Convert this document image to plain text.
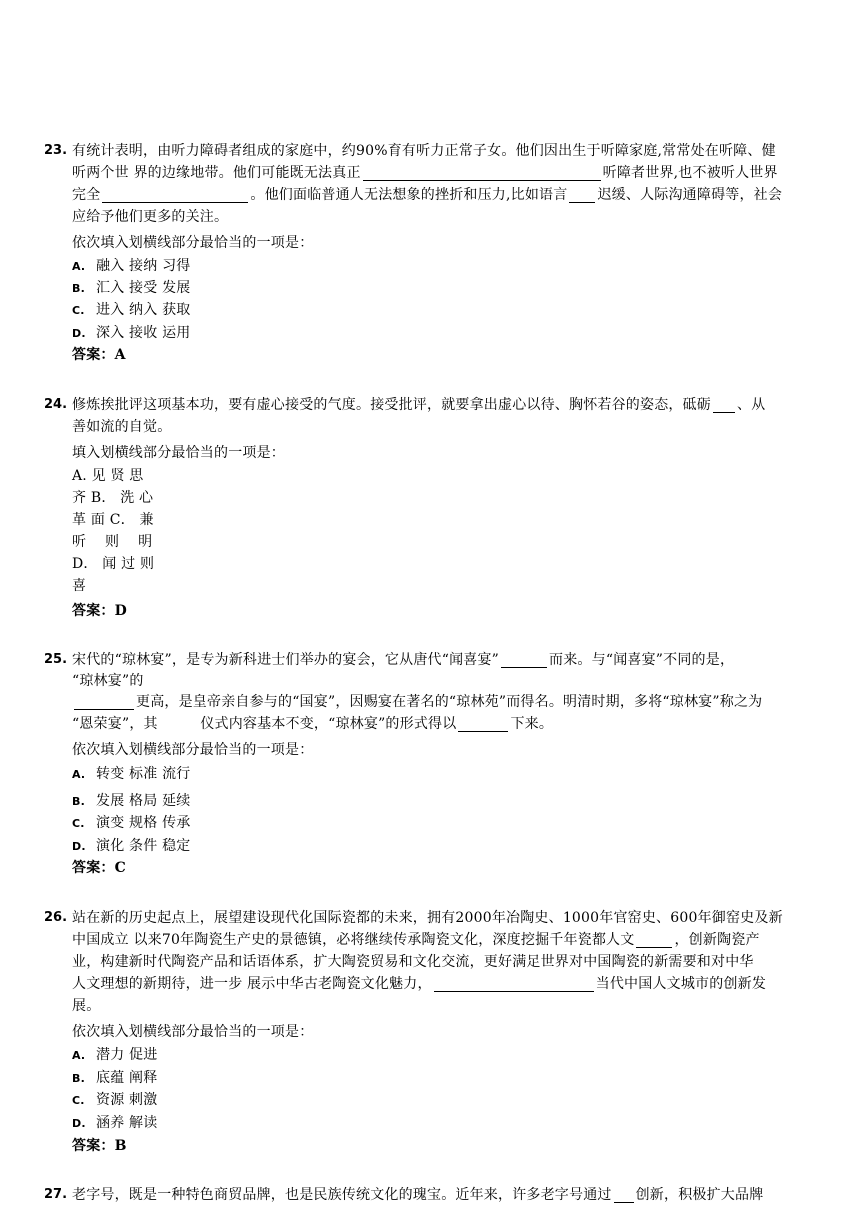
23. 有统计表明，由听力障碍者组成的家庭中，约90%育有听力正常子女。他们因出生于听障家庭,常常处在听障、健
听两个世 界的边缘地带。他们可能既无法真正	听障者世界,也不被听人世界
完全	。他们面临普通人无法想象的挫折和压力,比如语言 迟缓、人际沟通障碍等，社会
应给予他们更多的关注。
依次填入划横线部分最恰当的一项是：
A. 融入 接纳 习得
B. 汇入 接受 发展
C. 进入 纳入 获取
D. 深入 接收 运用
答案：A
24. 修炼挨批评这项基本功，要有虚心接受的气度。接受批评，就要拿出虚心以待、胸怀若谷的姿态，砥砺 、从
善如流的自觉。
填入划横线部分最恰当的一项是：
A. 见 贤 思
齐 B． 洗 心
革 面 C． 兼
听　 则　 明
D． 闻 过 则
喜
答案：D
25. 宋代的“琼林宴”，是专为新科进士们举办的宴会，它从唐代“闻喜宴”	而来。与“闻喜宴”不同的是，
“琼林宴”的
更高，是皇帝亲自参与的“国宴”，因赐宴在著名的“琼林苑”而得名。明清时期，多将“琼林宴”称之为
“恩荣宴”，其　　　仪式内容基本不变，“琼林宴”的形式得以	下来。
依次填入划横线部分最恰当的一项是：
A. 转变 标准 流行
B. 发展 格局 延续
C. 演变 规格 传承
D. 演化 条件 稳定
答案：C
26. 站在新的历史起点上，展望建设现代化国际瓷都的未来，拥有2000年冶陶史、1000年官窑史、600年御窑史及新
中国成立 以来70年陶瓷生产史的景德镇，必将继续传承陶瓷文化，深度挖掘千年瓷都人文	，创新陶瓷产
业，构建新时代陶瓷产品和话语体系，扩大陶瓷贸易和文化交流，更好满足世界对中国陶瓷的新需要和对中华
人文理想的新期待，进一步 展示中华古老陶瓷文化魅力，	当代中国人文城市的创新发
展。
依次填入划横线部分最恰当的一项是：
A. 潜力 促进
B. 底蕴 阐释
C. 资源 刺激
D. 涵养 解读
答案：B
27. 老字号，既是一种特色商贸品牌，也是民族传统文化的瑰宝。近年来，许多老字号通过 创新，积极扩大品牌
